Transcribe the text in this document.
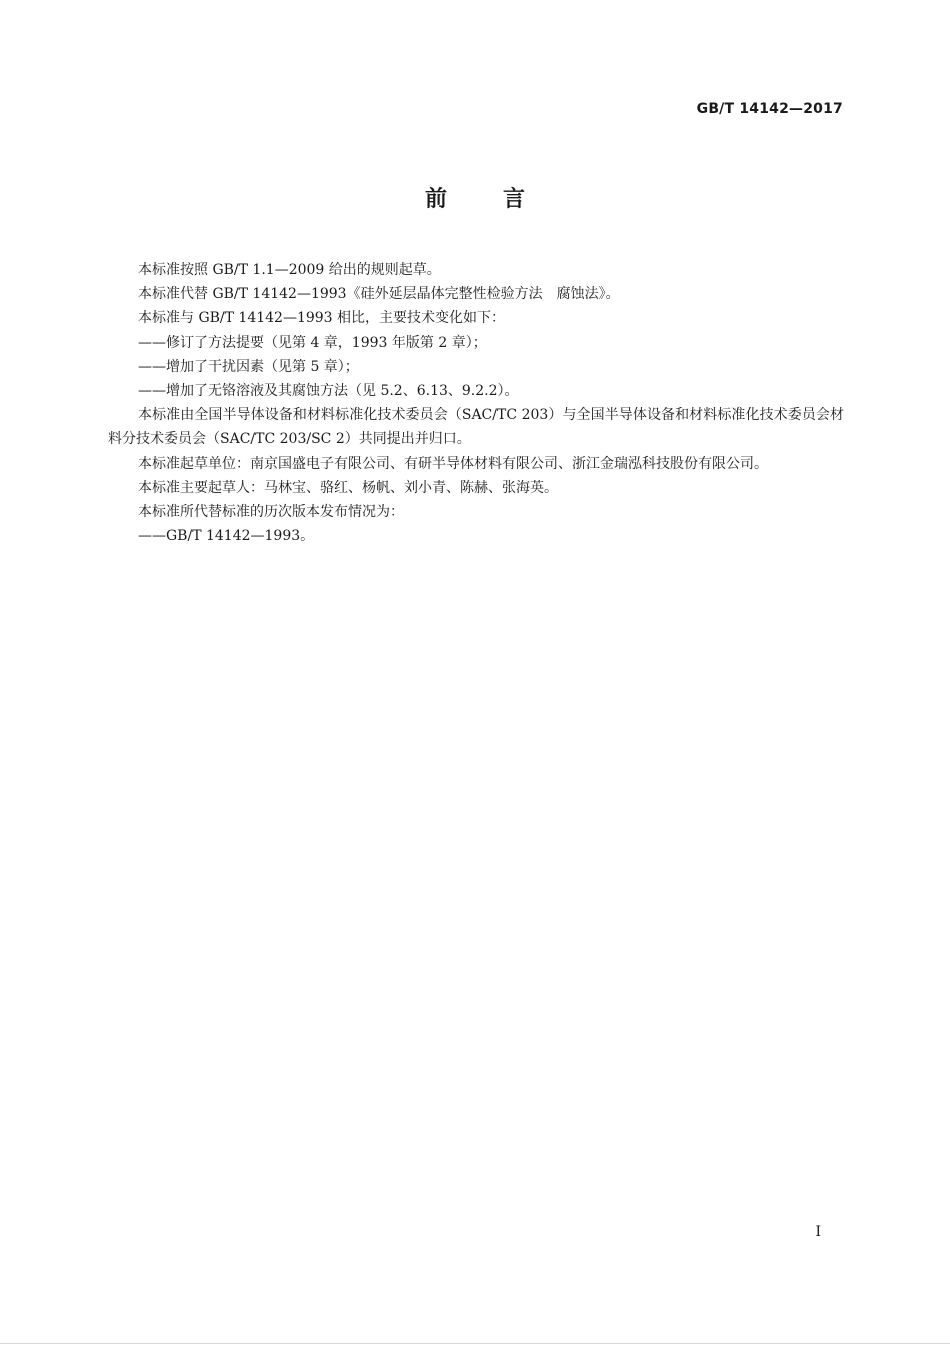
GB/T 14142—2017
前言

本标准按照 GB/T 1.1—2009 给出的规则起草。

本标准代替 GB/T 14142—1993《硅外延层晶体完整性检验方法　腐蚀法》。

本标准与 GB/T 14142—1993 相比，主要技术变化如下：

——修订了方法提要（见第 4 章，1993 年版第 2 章）；

——增加了干扰因素（见第 5 章）；

——增加了无铬溶液及其腐蚀方法（见 5.2、6.13、9.2.2）。

本标准由全国半导体设备和材料标准化技术委员会（SAC/TC 203）与全国半导体设备和材料标准化技术委员会材料分技术委员会（SAC/TC 203/SC 2）共同提出并归口。

本标准起草单位：南京国盛电子有限公司、有研半导体材料有限公司、浙江金瑞泓科技股份有限公司。

本标准主要起草人：马林宝、骆红、杨帆、刘小青、陈赫、张海英。

本标准所代替标准的历次版本发布情况为：

——GB/T 14142—1993。

Ⅰ
